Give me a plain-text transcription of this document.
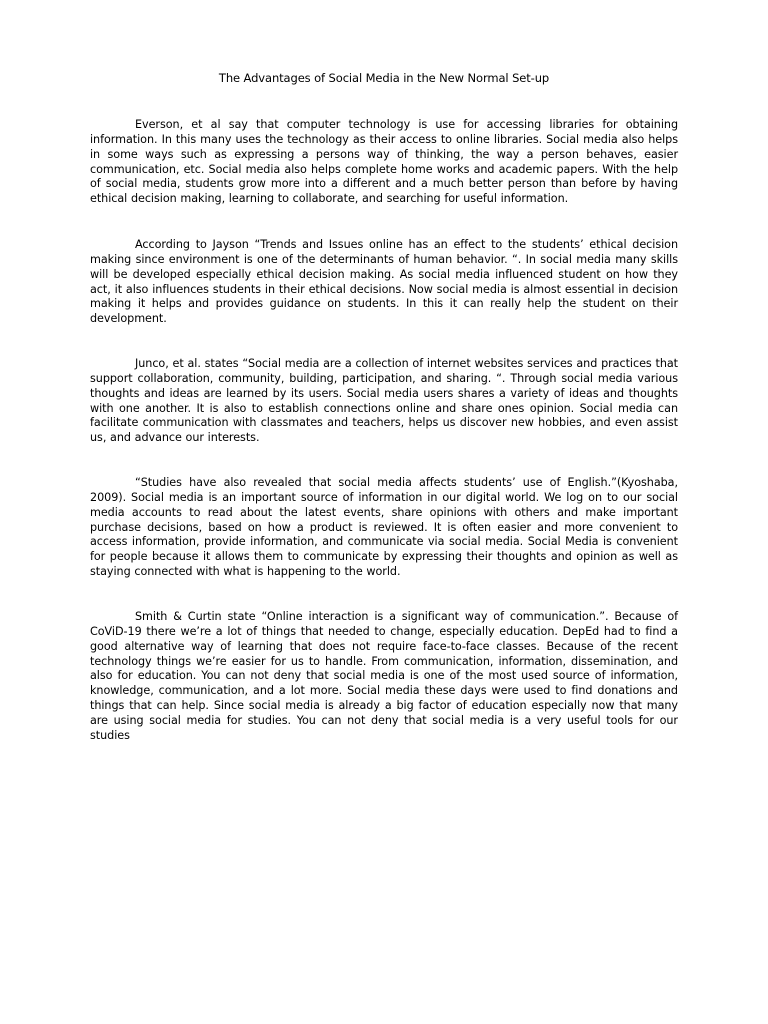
The Advantages of Social Media in the New Normal Set-up

Everson, et al say that computer technology is use for accessing libraries for obtaining information. In this many uses the technology as their access to online libraries. Social media also helps in some ways such as expressing a persons way of thinking, the way a person behaves, easier communication, etc. Social media also helps complete home works and academic papers. With the help of social media, students grow more into a different and a much better person than before by having ethical decision making, learning to collaborate, and searching for useful information.

According to Jayson “Trends and Issues online has an effect to the students’ ethical decision making since environment is one of the determinants of human behavior. “. In social media many skills will be developed especially ethical decision making. As social media influenced student on how they act, it also influences students in their ethical decisions. Now social media is almost essential in decision making it helps and provides guidance on students. In this it can really help the student on their development.

Junco, et al. states “Social media are a collection of internet websites services and practices that support collaboration, community, building, participation, and sharing. “. Through social media various thoughts and ideas are learned by its users. Social media users shares a variety of ideas and thoughts with one another. It is also to establish connections online and share ones opinion. Social media can facilitate communication with classmates and teachers, helps us discover new hobbies, and even assist us, and advance our interests.

“Studies have also revealed that social media affects students’ use of English.”(Kyoshaba, 2009). Social media is an important source of information in our digital world. We log on to our social media accounts to read about the latest events, share opinions with others and make important purchase decisions, based on how a product is reviewed. It is often easier and more convenient to access information, provide information, and communicate via social media. Social Media is convenient for people because it allows them to communicate by expressing their thoughts and opinion as well as staying connected with what is happening to the world.

Smith & Curtin state “Online interaction is a significant way of communication.”. Because of CoViD-19 there we’re a lot of things that needed to change, especially education. DepEd had to find a good alternative way of learning that does not require face-to-face classes. Because of the recent technology things we’re easier for us to handle. From communication, information, dissemination, and also for education. You can not deny that social media is one of the most used source of information, knowledge, communication, and a lot more. Social media these days were used to find donations and things that can help. Since social media is already a big factor of education especially now that many are using social media for studies. You can not deny that social media is a very useful tools for our studies
